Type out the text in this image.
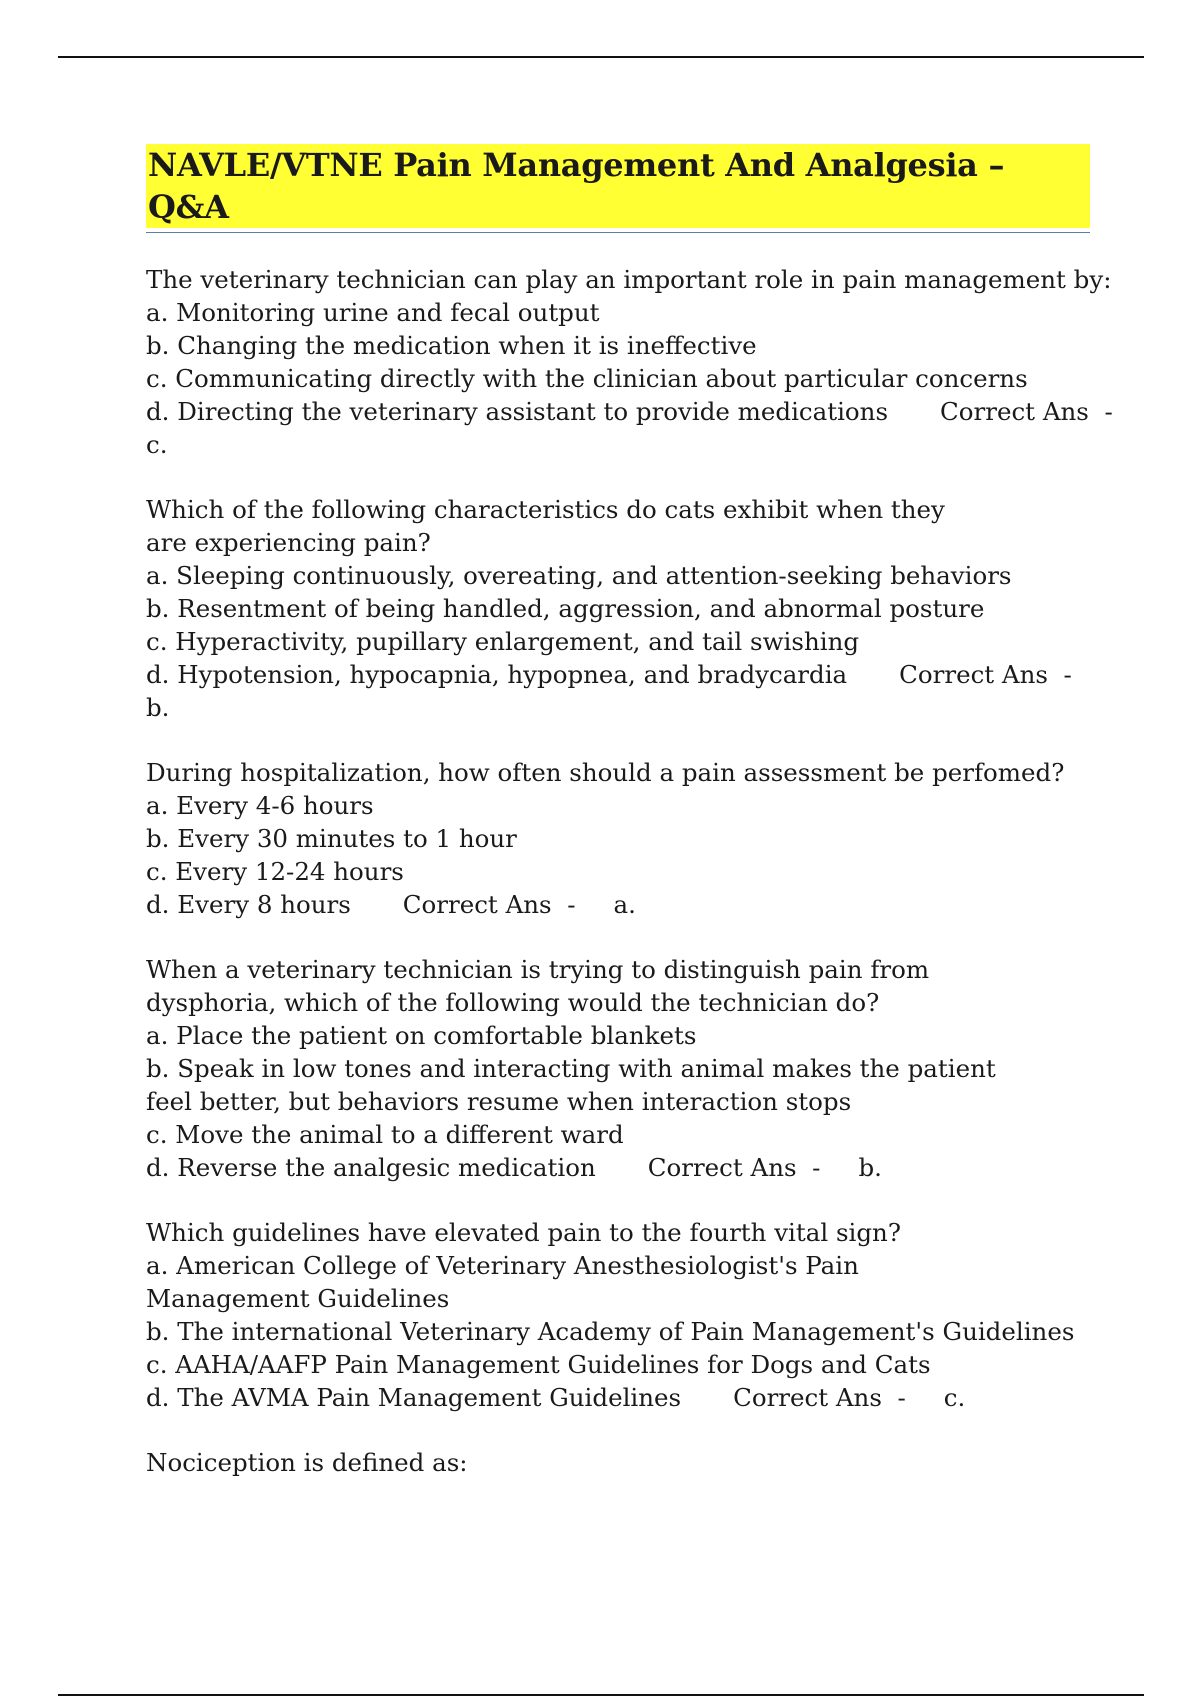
NAVLE/VTNE Pain Management And Analgesia – Q&A
The veterinary technician can play an important role in pain management by:
a. Monitoring urine and fecal output
b. Changing the medication when it is ineffective
c. Communicating directly with the clinician about particular concerns
d. Directing the veterinary assistant to provide medications Correct Ans  -
c.
Which of the following characteristics do cats exhibit when they are experiencing pain?
a. Sleeping continuously, overeating, and attention-seeking behaviors
b. Resentment of being handled, aggression, and abnormal posture
c. Hyperactivity, pupillary enlargement, and tail swishing
d. Hypotension, hypocapnia, hypopnea, and bradycardia Correct Ans  -
b.
During hospitalization, how often should a pain assessment be perfomed?
a. Every 4-6 hours
b. Every 30 minutes to 1 hour
c. Every 12-24 hours
d. Every 8 hours Correct Ans  - a.
When a veterinary technician is trying to distinguish pain from dysphoria, which of the following would the technician do?
a. Place the patient on comfortable blankets
b. Speak in low tones and interacting with animal makes the patient feel better, but behaviors resume when interaction stops
c. Move the animal to a different ward
d. Reverse the analgesic medication Correct Ans  - b.
Which guidelines have elevated pain to the fourth vital sign?
a. American College of Veterinary Anesthesiologist's Pain Management Guidelines
b. The international Veterinary Academy of Pain Management's Guidelines
c. AAHA/AAFP Pain Management Guidelines for Dogs and Cats
d. The AVMA Pain Management Guidelines Correct Ans  - c.
Nociception is defined as:
